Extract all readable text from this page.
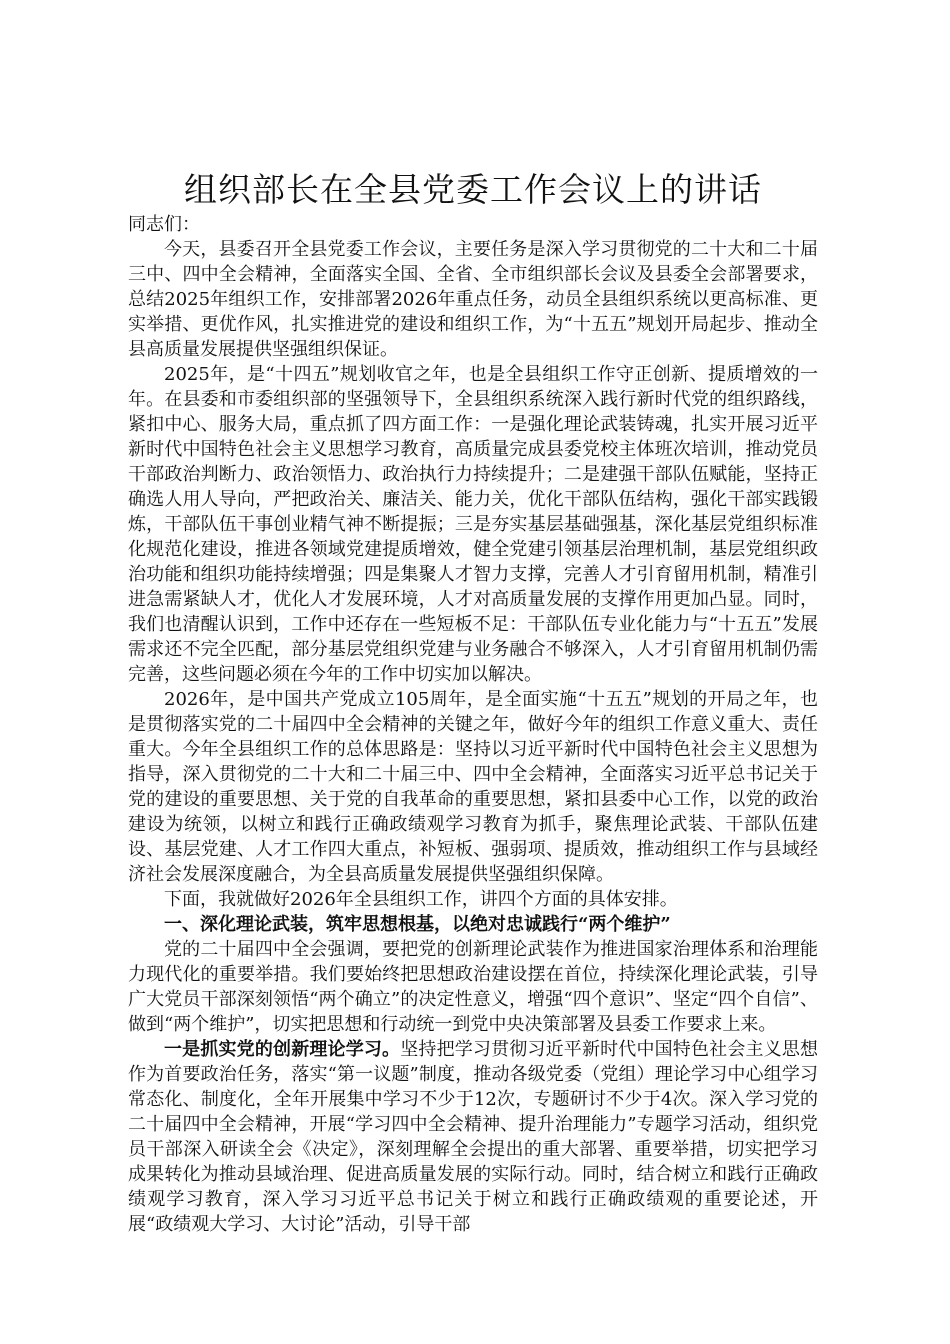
组织部长在全县党委工作会议上的讲话

同志们：

今天，县委召开全县党委工作会议，主要任务是深入学习贯彻党的二十大和二十届三中、四中全会精神，全面落实全国、全省、全市组织部长会议及县委全会部署要求，总结2025年组织工作，安排部署2026年重点任务，动员全县组织系统以更高标准、更实举措、更优作风，扎实推进党的建设和组织工作，为“十五五”规划开局起步、推动全县高质量发展提供坚强组织保证。

2025年，是“十四五”规划收官之年，也是全县组织工作守正创新、提质增效的一年。在县委和市委组织部的坚强领导下，全县组织系统深入践行新时代党的组织路线，紧扣中心、服务大局，重点抓了四方面工作：一是强化理论武装铸魂，扎实开展习近平新时代中国特色社会主义思想学习教育，高质量完成县委党校主体班次培训，推动党员干部政治判断力、政治领悟力、政治执行力持续提升；二是建强干部队伍赋能，坚持正确选人用人导向，严把政治关、廉洁关、能力关，优化干部队伍结构，强化干部实践锻炼，干部队伍干事创业精气神不断提振；三是夯实基层基础强基，深化基层党组织标准化规范化建设，推进各领域党建提质增效，健全党建引领基层治理机制，基层党组织政治功能和组织功能持续增强；四是集聚人才智力支撑，完善人才引育留用机制，精准引进急需紧缺人才，优化人才发展环境，人才对高质量发展的支撑作用更加凸显。同时，我们也清醒认识到，工作中还存在一些短板不足：干部队伍专业化能力与“十五五”发展需求还不完全匹配，部分基层党组织党建与业务融合不够深入，人才引育留用机制仍需完善，这些问题必须在今年的工作中切实加以解决。

2026年，是中国共产党成立105周年，是全面实施“十五五”规划的开局之年，也是贯彻落实党的二十届四中全会精神的关键之年，做好今年的组织工作意义重大、责任重大。今年全县组织工作的总体思路是：坚持以习近平新时代中国特色社会主义思想为指导，深入贯彻党的二十大和二十届三中、四中全会精神，全面落实习近平总书记关于党的建设的重要思想、关于党的自我革命的重要思想，紧扣县委中心工作，以党的政治建设为统领，以树立和践行正确政绩观学习教育为抓手，聚焦理论武装、干部队伍建设、基层党建、人才工作四大重点，补短板、强弱项、提质效，推动组织工作与县域经济社会发展深度融合，为全县高质量发展提供坚强组织保障。

下面，我就做好2026年全县组织工作，讲四个方面的具体安排。

一、深化理论武装，筑牢思想根基，以绝对忠诚践行“两个维护”

党的二十届四中全会强调，要把党的创新理论武装作为推进国家治理体系和治理能力现代化的重要举措。我们要始终把思想政治建设摆在首位，持续深化理论武装，引导广大党员干部深刻领悟“两个确立”的决定性意义，增强“四个意识”、坚定“四个自信”、做到“两个维护”，切实把思想和行动统一到党中央决策部署及县委工作要求上来。

一是抓实党的创新理论学习。坚持把学习贯彻习近平新时代中国特色社会主义思想作为首要政治任务，落实“第一议题”制度，推动各级党委（党组）理论学习中心组学习常态化、制度化，全年开展集中学习不少于12次，专题研讨不少于4次。深入学习党的二十届四中全会精神，开展“学习四中全会精神、提升治理能力”专题学习活动，组织党员干部深入研读全会《决定》，深刻理解全会提出的重大部署、重要举措，切实把学习成果转化为推动县域治理、促进高质量发展的实际行动。同时，结合树立和践行正确政绩观学习教育，深入学习习近平总书记关于树立和践行正确政绩观的重要论述，开展“政绩观大学习、大讨论”活动，引导干部
